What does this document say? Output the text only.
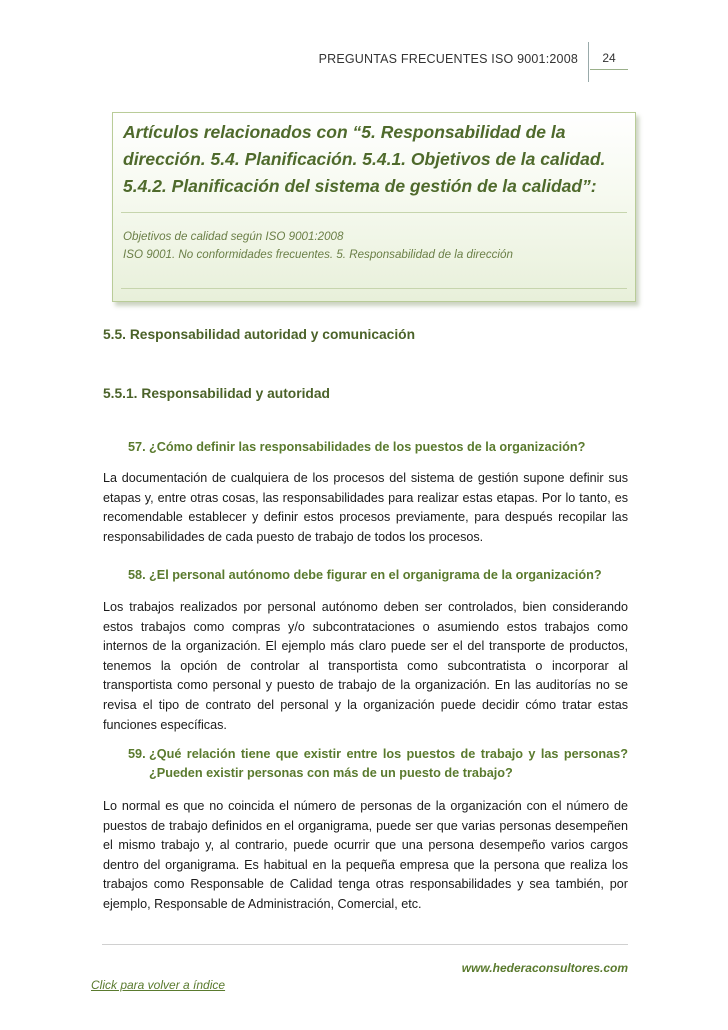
PREGUNTAS FRECUENTES ISO 9001:2008	24
Artículos relacionados con “5. Responsabilidad de la
dirección. 5.4. Planificación. 5.4.1. Objetivos de la calidad.
5.4.2. Planificación del sistema de gestión de la calidad”:
Objetivos de calidad según ISO 9001:2008
ISO 9001. No conformidades frecuentes. 5. Responsabilidad de la dirección
5.5. Responsabilidad autoridad y comunicación
5.5.1. Responsabilidad y autoridad
57. ¿Cómo definir las responsabilidades de los puestos de la organización?
La documentación de cualquiera de los procesos del sistema de gestión supone definir sus etapas y, entre otras cosas, las responsabilidades para realizar estas etapas. Por lo tanto, es recomendable establecer y definir estos procesos previamente, para después recopilar las responsabilidades de cada puesto de trabajo de todos los procesos.
58. ¿El personal autónomo debe figurar en el organigrama de la organización?
Los trabajos realizados por personal autónomo deben ser controlados, bien considerando estos trabajos como compras y/o subcontrataciones o asumiendo estos trabajos como internos de la organización. El ejemplo más claro puede ser el del transporte de productos, tenemos la opción de controlar al transportista como subcontratista o incorporar al transportista como personal y puesto de trabajo de la organización. En las auditorías no se revisa el tipo de contrato del personal y la organización puede decidir cómo tratar estas funciones específicas.
59. ¿Qué relación tiene que existir entre los puestos de trabajo y las personas?
¿Pueden existir personas con más de un puesto de trabajo?
Lo normal es que no coincida el número de personas de la organización con el número de puestos de trabajo definidos en el organigrama, puede ser que varias personas desempeñen el mismo trabajo y, al contrario, puede ocurrir que una persona desempeño varios cargos dentro del organigrama. Es habitual en la pequeña empresa que la persona que realiza los trabajos como Responsable de Calidad tenga otras responsabilidades y sea también, por ejemplo, Responsable de Administración, Comercial, etc.
www.hederaconsultores.com
Click para volver a índice
